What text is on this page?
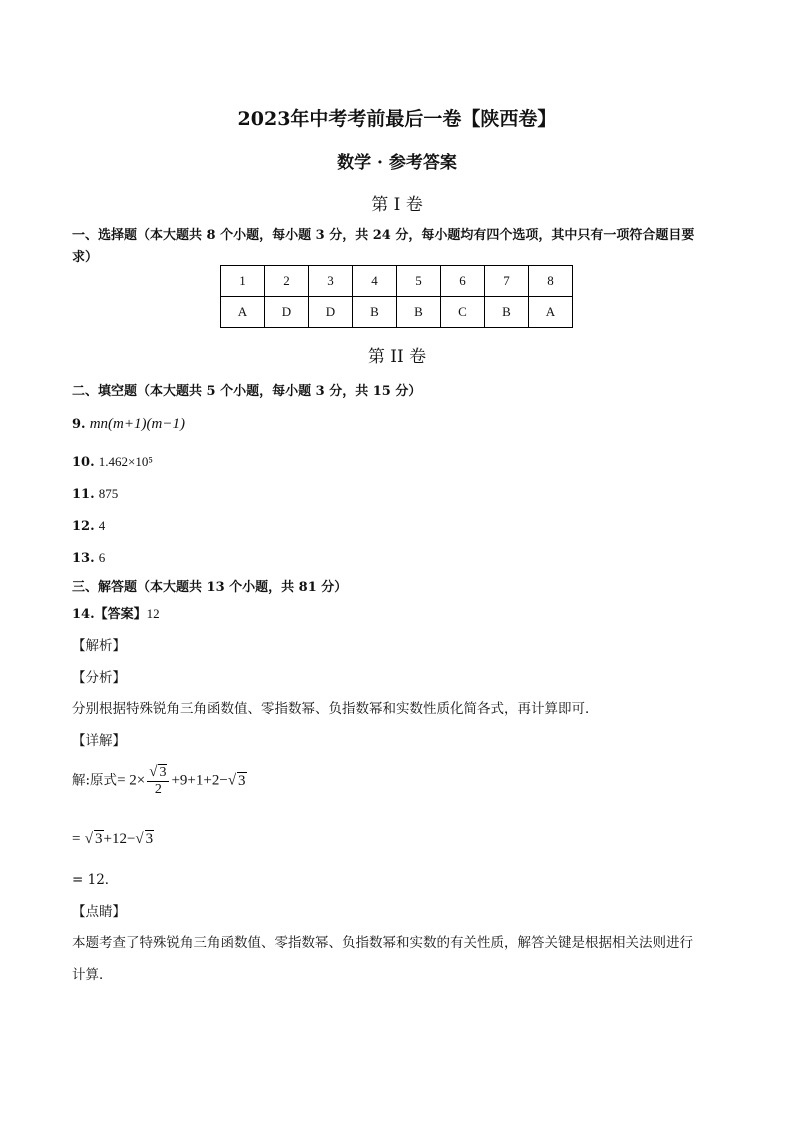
2023年中考考前最后一卷【陕西卷】
数学 · 参考答案
第 I 卷
一、选择题（本大题共 8 个小题，每小题 3 分，共 24 分，每小题均有四个选项，其中只有一项符合题目要
求）
1	2	3	4	5	6	7	8
A	D	D	B	B	C	B	A
第 II 卷
二、填空题（本大题共 5 个小题，每小题 3 分，共 15 分）
9. mn(m+1)(m−1)
10. 1.462×10⁵
11. 875
12. 4
13. 6
三、解答题（本大题共 13 个小题，共 81 分）
14.【答案】12
【解析】
【分析】
分别根据特殊锐角三角函数值、零指数幂、负指数幂和实数性质化简各式，再计算即可．
【详解】
解:原式= $2\times \frac{√ 3}{2} +9+1+2-√$ 3
= √ 3+12−√ 3
= 12．
【点睛】
本题考查了特殊锐角三角函数值、零指数幂、负指数幂和实数的有关性质，解答关键是根据相关法则进行
计算．
